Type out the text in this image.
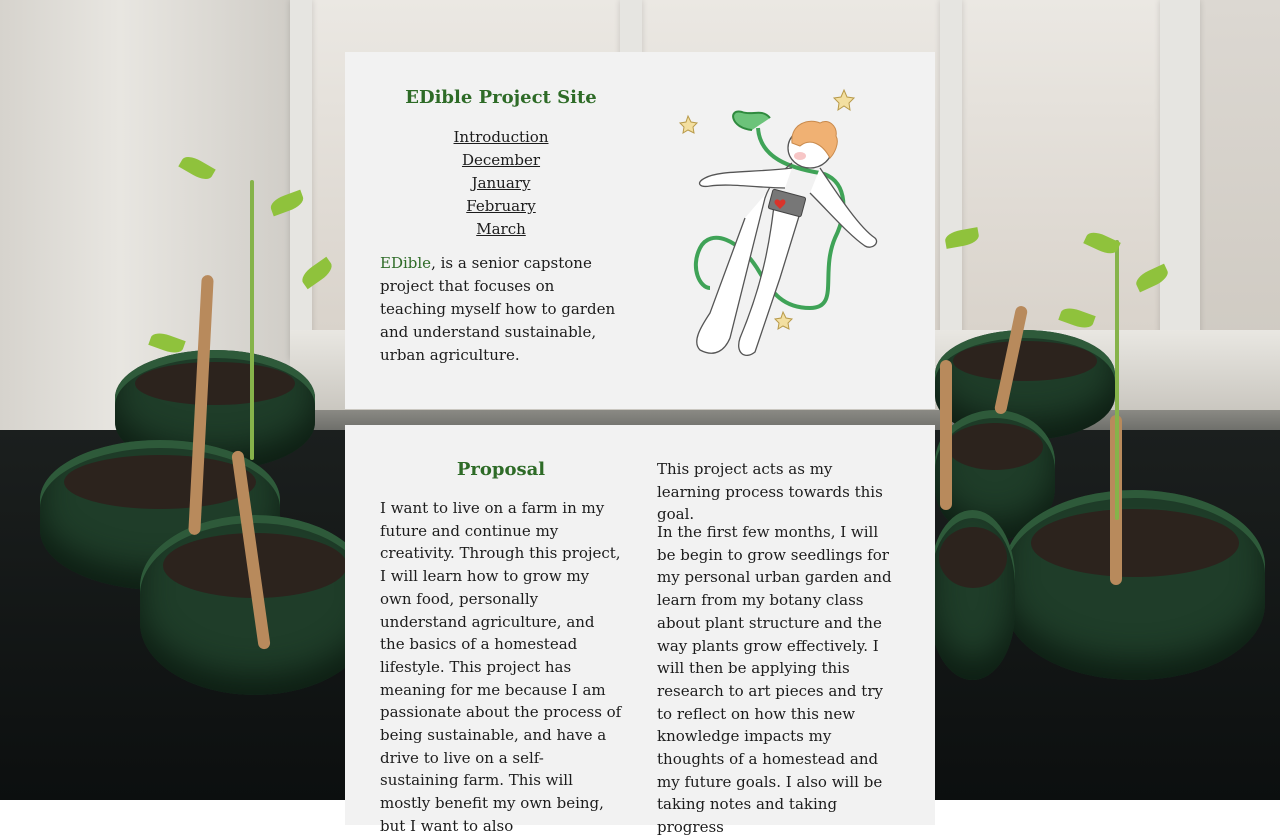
EDible Project Site
Introduction
December
January
February
March

EDible, is a senior capstone project that focuses on teaching myself how to garden and understand sustainable, urban agriculture.

Proposal

I want to live on a farm in my future and continue my creativity. Through this project, I will learn how to grow my own food, personally understand agriculture, and the basics of a homestead lifestyle. This project has meaning for me because I am passionate about the process of being sustainable, and have a drive to live on a self-sustaining farm. This will mostly benefit my own being, but I want to also

This project acts as my learning process towards this goal.

In the first few months, I will be begin to grow seedlings for my personal urban garden and learn from my botany class about plant structure and the way plants grow effectively. I will then be applying this research to art pieces and try to reflect on how this new knowledge impacts my thoughts of a homestead and my future goals. I also will be taking notes and taking progress
